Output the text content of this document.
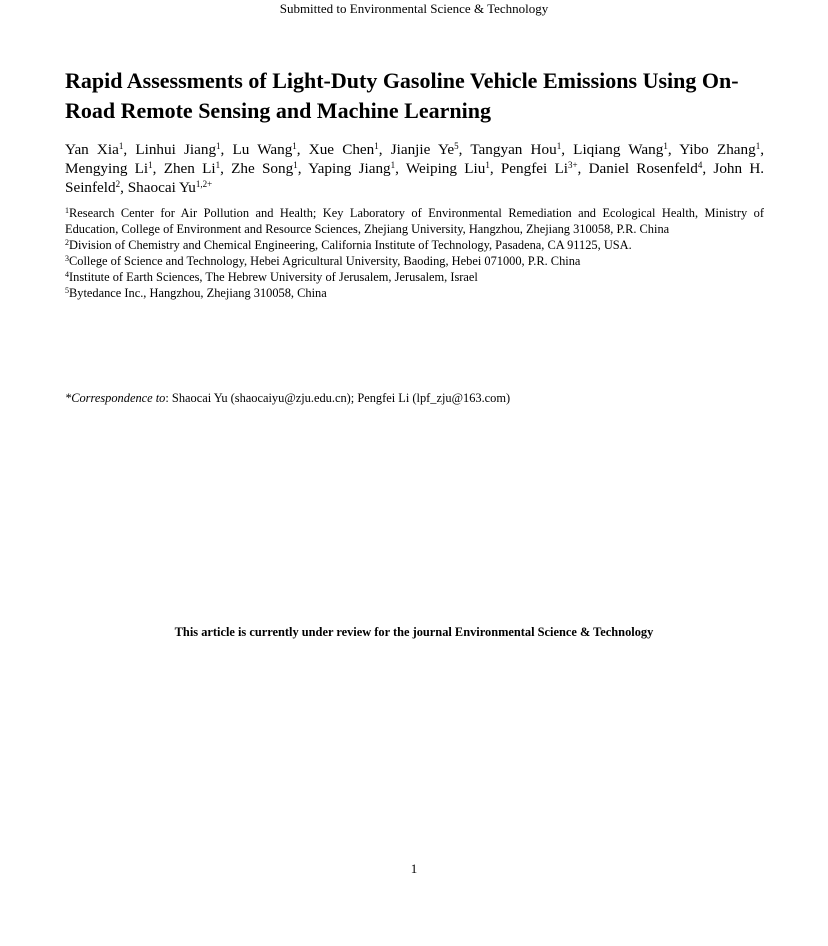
Submitted to Environmental Science & Technology
Rapid Assessments of Light-Duty Gasoline Vehicle Emissions Using On-Road Remote Sensing and Machine Learning
Yan Xia$^1$, Linhui Jiang$^1$, Lu Wang$^1$, Xue Chen$^1$, Jianjie Ye$^5$, Tangyan Hou$^1$, Liqiang Wang$^1$, Yibo Zhang$^1$, Mengying Li$^1$, Zhen Li$^1$, Zhe Song$^1$, Yaping Jiang$^1$, Weiping Liu$^1$, Pengfei $Li^{3+}$, Daniel Rosenfeld$^4$, John H. Seinfeld$^2$, Shaocai $Yu^{1,2+}$

$^1$Research Center for Air Pollution and Health; Key Laboratory of Environmental Remediation and Ecological Health, Ministry of Education, College of Environment and Resource Sciences, Zhejiang University, Hangzhou, Zhejiang 310058, P.R. China

$^2$Division of Chemistry and Chemical Engineering, California Institute of Technology, Pasadena, CA 91125, USA.

$^3$College of Science and Technology, Hebei Agricultural University, Baoding, Hebei 071000, P.R. China

$^4$Institute of Earth Sciences, The Hebrew University of Jerusalem, Jerusalem, Israel

$^5$Bytedance Inc., Hangzhou, Zhejiang 310058, China

*Correspondence to: Shaocai Yu (shaocaiyu@zju.edu.cn); Pengfei Li (lpf_zju@163.com)
This article is currently under review for the journal Environmental Science & Technology
1
